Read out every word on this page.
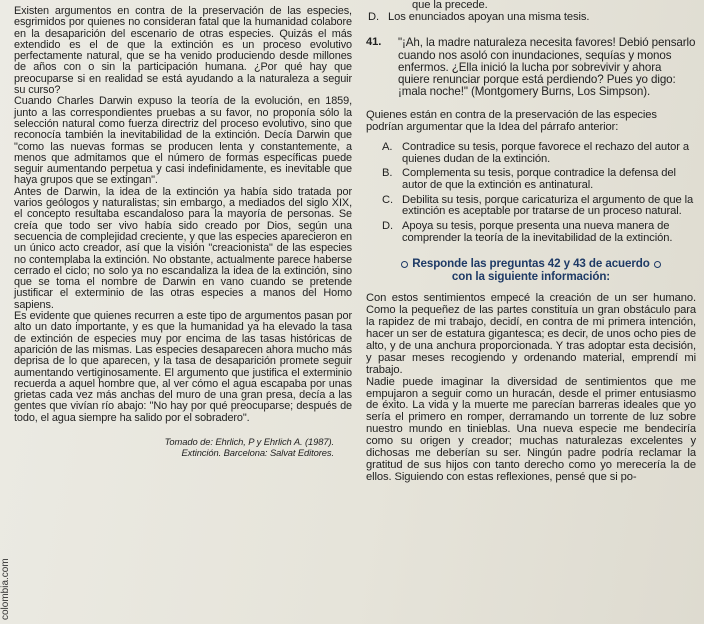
Existen argumentos en contra de la preservación de las especies, esgrimidos por quienes no consideran fatal que la humanidad colabore en la desaparición del escenario de otras especies. Quizás el más extendido es el de que la extinción es un proceso evolutivo perfectamente natural, que se ha venido produciendo desde millones de años con o sin la participación humana. ¿Por qué hay que preocuparse si en realidad se está ayudando a la naturaleza a seguir su curso?

Cuando Charles Darwin expuso la teoría de la evolución, en 1859, junto a las correspondientes pruebas a su favor, no proponía sólo la selección natural como fuerza directriz del proceso evolutivo, sino que reconocía también la inevitabilidad de la extinción. Decía Darwin que "como las nuevas formas se producen lenta y constantemente, a menos que admitamos que el número de formas específicas puede seguir aumentando perpetua y casi indefinidamente, es inevitable que haya grupos que se extingan".

Antes de Darwin, la idea de la extinción ya había sido tratada por varios geólogos y naturalistas; sin embargo, a mediados del siglo XIX, el concepto resultaba escandaloso para la mayoría de personas. Se creía que todo ser vivo había sido creado por Dios, según una secuencia de complejidad creciente, y que las especies aparecieron en un único acto creador, así que la visión "creacionista" de las especies no contemplaba la extinción. No obstante, actualmente parece haberse cerrado el ciclo; no solo ya no escandaliza la idea de la extinción, sino que se toma el nombre de Darwin en vano cuando se pretende justificar el exterminio de las otras especies a manos del Homo sapiens.

Es evidente que quienes recurren a este tipo de argumentos pasan por alto un dato importante, y es que la humanidad ya ha elevado la tasa de extinción de especies muy por encima de las tasas históricas de aparición de las mismas. Las especies desaparecen ahora mucho más deprisa de lo que aparecen, y la tasa de desaparición promete seguir aumentando vertiginosamente. El argumento que justifica el exterminio recuerda a aquel hombre que, al ver cómo el agua escapaba por unas grietas cada vez más anchas del muro de una gran presa, decía a las gentes que vivían río abajo: "No hay por qué preocuparse; después de todo, el agua siempre ha salido por el sobradero".

Tomado de: Ehrlich, P y Ehrlich A. (1987).
Extinción. Barcelona: Salvat Editores.

que la precede.

D. Los enunciados apoyan una misma tesis.
41.	"¡Ah, la madre naturaleza necesita favores! Debió pensarlo cuando nos asoló con inundaciones, sequías y monos enfermos. ¿Ella inició la lucha por sobrevivir y ahora quiere renunciar porque está perdiendo? Pues yo digo: ¡mala noche!" (Montgomery Burns, Los Simpson).

Quienes están en contra de la preservación de las especies podrían argumentar que la Idea del párrafo anterior:

A. Contradice su tesis, porque favorece el rechazo del autor a quienes dudan de la extinción.
B. Complementa su tesis, porque contradice la defensa del autor de que la extinción es antinatural.
C. Debilita su tesis, porque caricaturiza el argumento de que la extinción es aceptable por tratarse de un proceso natural.
D. Apoya su tesis, porque presenta una nueva manera de comprender la teoría de la inevitabilidad de la extinción.
Responde las preguntas 42 y 43 de acuerdo
con la siguiente información:

Con estos sentimientos empecé la creación de un ser humano. Como la pequeñez de las partes constituía un gran obstáculo para la rapidez de mi trabajo, decidí, en contra de mi primera intención, hacer un ser de estatura gigantesca; es decir, de unos ocho pies de alto, y de una anchura proporcionada. Y tras adoptar esta decisión, y pasar meses recogiendo y ordenando material, emprendí mi trabajo.

Nadie puede imaginar la diversidad de sentimientos que me empujaron a seguir como un huracán, desde el primer entusiasmo de éxito. La vida y la muerte me parecían barreras ideales que yo sería el primero en romper, derramando un torrente de luz sobre nuestro mundo en tinieblas. Una nueva especie me bendeciría como su origen y creador; muchas naturalezas excelentes y dichosas me deberían su ser. Ningún padre podría reclamar la gratitud de sus hijos con tanto derecho como yo merecería la de ellos. Siguiendo con estas reflexiones, pensé que si po-

colombia.com
